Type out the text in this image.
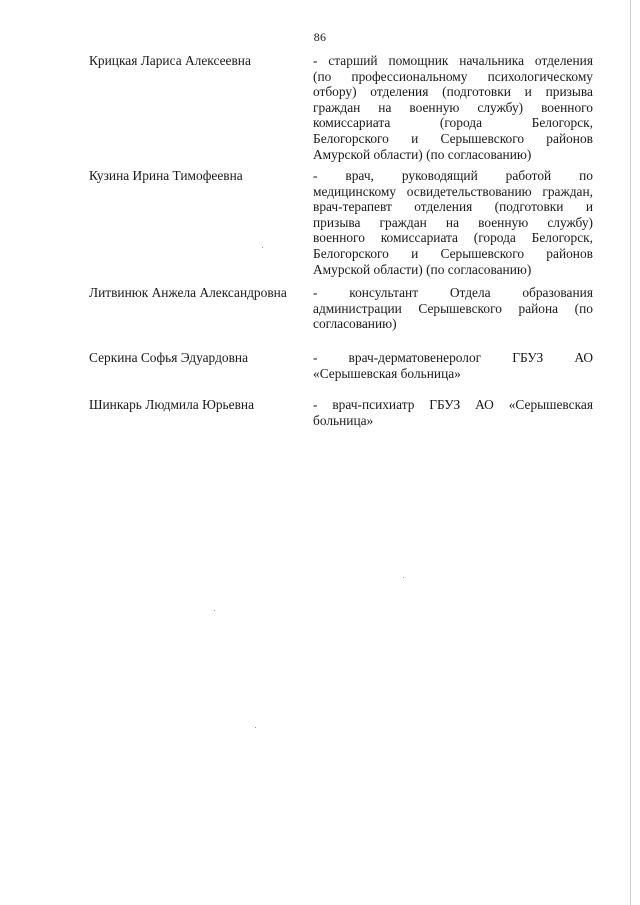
86
Крицкая Лариса Алексеевна	- старший помощник начальника отделения
(по профессиональному психологическому
отбору) отделения (подготовки и призыва
граждан на военную службу) военного
комиссариата (города Белогорск,
Белогорского и Серышевского районов
Амурской области) (по согласованию)
Кузина Ирина Тимофеевна	- врач, руководящий работой по
медицинскому освидетельствованию граждан,
врач-терапевт отделения (подготовки и
призыва граждан на военную службу)
военного комиссариата (города Белогорск,
Белогорского и Серышевского районов
Амурской области) (по согласованию)
Литвинюк Анжела Александровна	- консультант Отдела образования
администрации Серышевского района (по
согласованию)
Серкина Софья Эдуардовна	- врач-дерматовенеролог ГБУЗ АО
«Серышевская больница»
Шинкарь Людмила Юрьевна	- врач-психиатр ГБУЗ АО «Серышевская
больница»
